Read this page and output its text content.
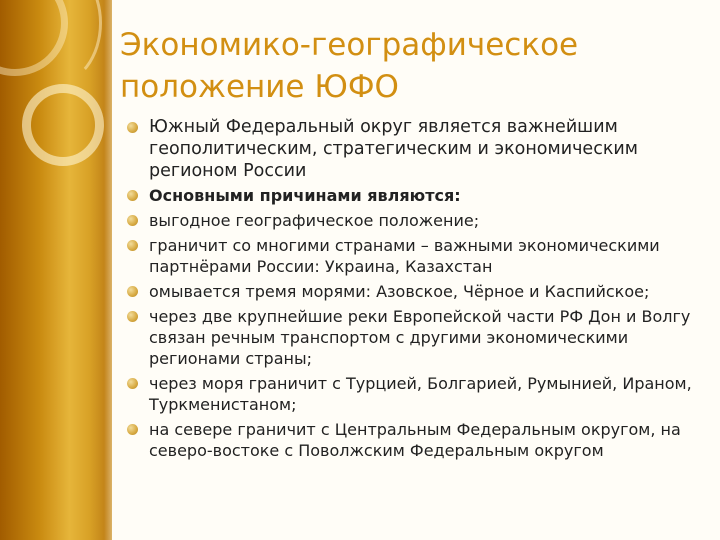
Экономико-географическое
положение ЮФО
Южный Федеральный округ является важнейшим геополитическим, стратегическим и экономическим регионом России
Основными причинами являются:
выгодное географическое положение;
граничит со многими странами – важными экономическими партнёрами России: Украина, Казахстан
омывается тремя морями: Азовское, Чёрное и Каспийское;
через две крупнейшие реки Европейской части РФ Дон и Волгу связан речным транспортом с другими экономическими регионами страны;
через моря граничит с Турцией, Болгарией, Румынией, Ираном, Туркменистаном;
на севере граничит с Центральным Федеральным округом, на северо-востоке с Поволжским Федеральным округом
